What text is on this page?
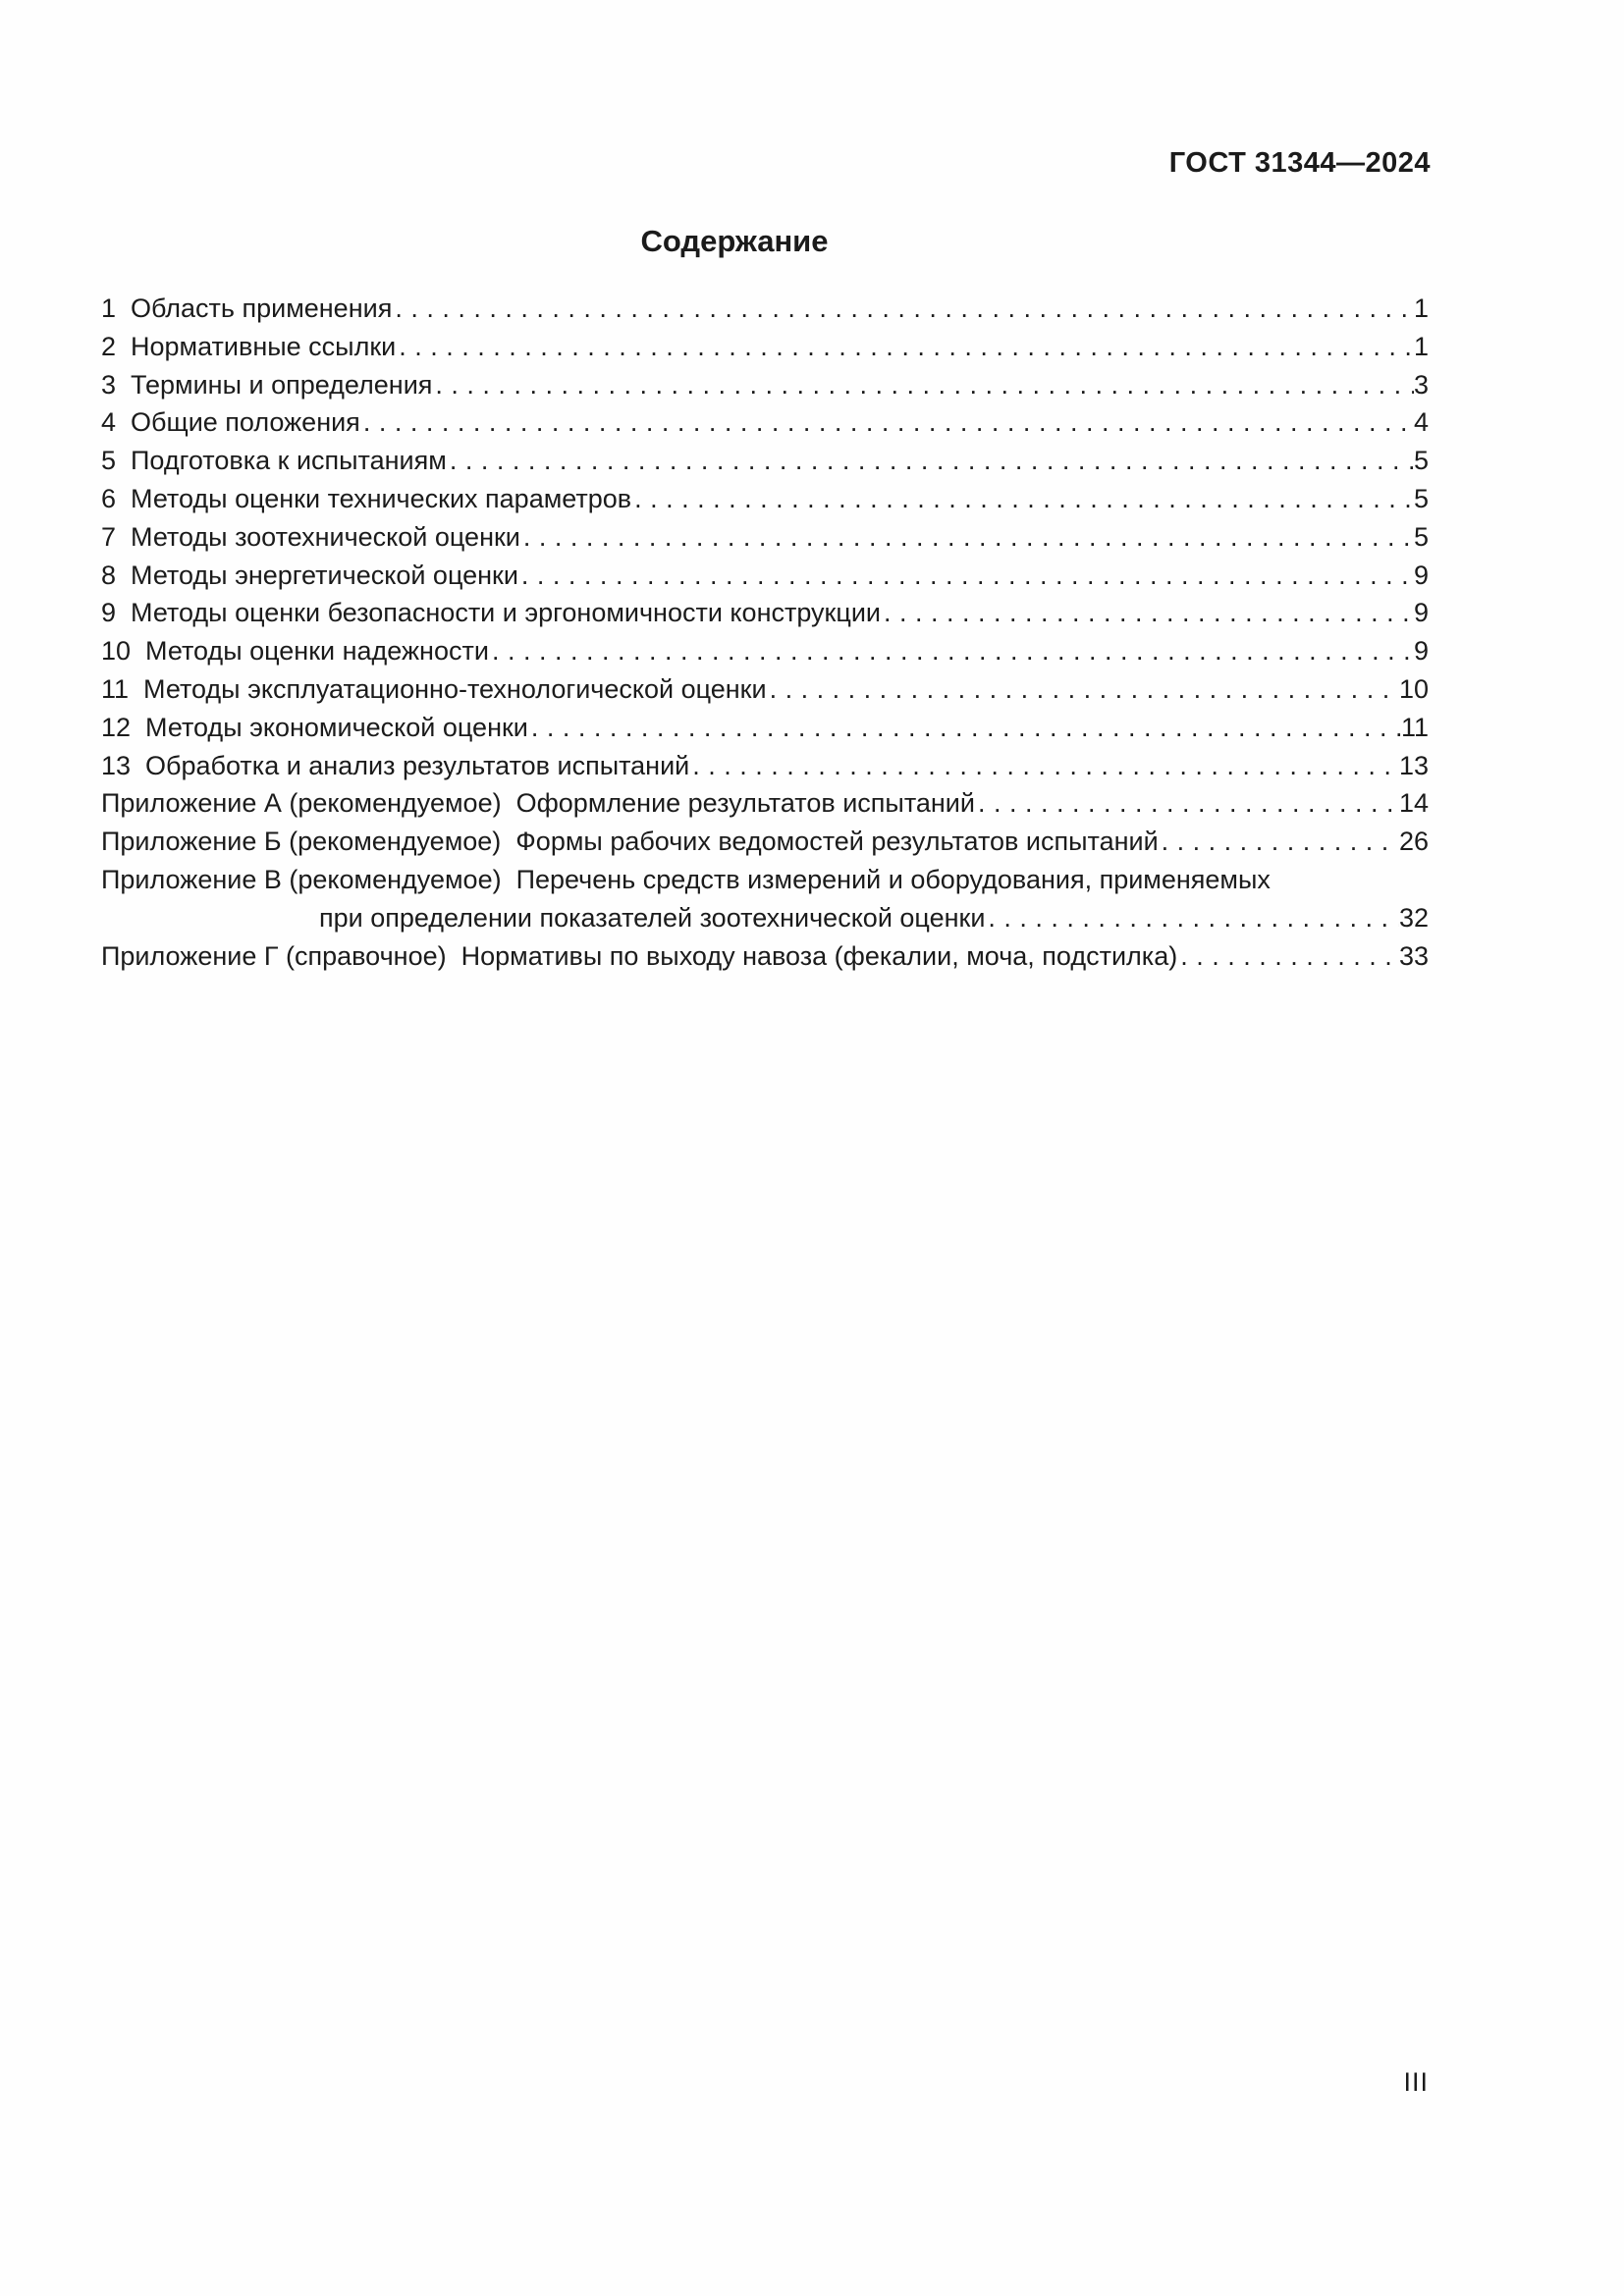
ГОСТ 31344—2024
Содержание
1  Область применения . . .	1
2  Нормативные ссылки . . .	1
3  Термины и определения . . .	3
4  Общие положения . . .	4
5  Подготовка к испытаниям . . .	5
6  Методы оценки технических параметров . . .	5
7  Методы зоотехнической оценки . . .	5
8  Методы энергетической оценки . . .	9
9  Методы оценки безопасности и эргономичности конструкции . . .	9
10  Методы оценки надежности . . .	9
11  Методы эксплуатационно-технологической оценки . . .	10
12  Методы экономической оценки . . .	11
13  Обработка и анализ результатов испытаний . . .	13
Приложение А (рекомендуемое)  Оформление результатов испытаний . . .	14
Приложение Б (рекомендуемое)  Формы рабочих ведомостей результатов испытаний . . .	26
Приложение В (рекомендуемое)  Перечень средств измерений и оборудования, применяемых
при определении показателей зоотехнической оценки . . .	32
Приложение Г (справочное)  Нормативы по выходу навоза (фекалии, моча, подстилка) . . .	33
III
